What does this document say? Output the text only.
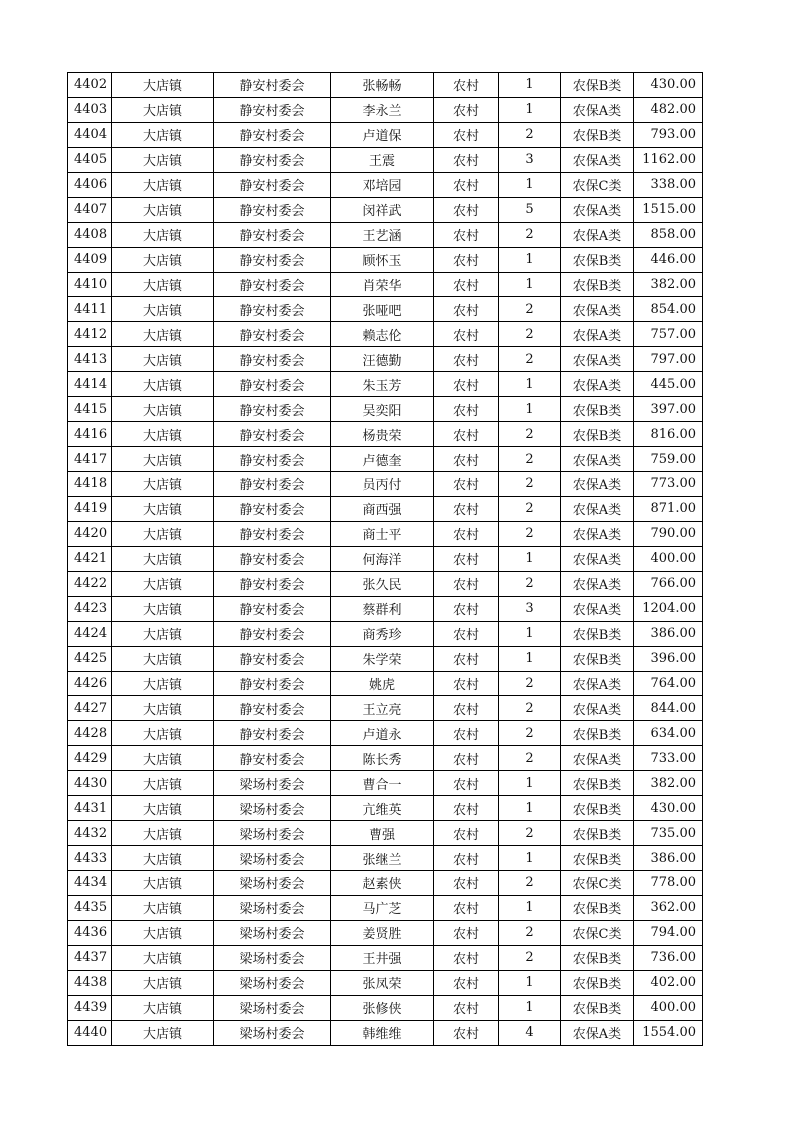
4402	大店镇	静安村委会	张畅畅	农村	1	农保B类	430.00
4403	大店镇	静安村委会	李永兰	农村	1	农保A类	482.00
4404	大店镇	静安村委会	卢道保	农村	2	农保B类	793.00
4405	大店镇	静安村委会	王震	农村	3	农保A类	1162.00
4406	大店镇	静安村委会	邓培园	农村	1	农保C类	338.00
4407	大店镇	静安村委会	闵祥武	农村	5	农保A类	1515.00
4408	大店镇	静安村委会	王艺涵	农村	2	农保A类	858.00
4409	大店镇	静安村委会	顾怀玉	农村	1	农保B类	446.00
4410	大店镇	静安村委会	肖荣华	农村	1	农保B类	382.00
4411	大店镇	静安村委会	张哑吧	农村	2	农保A类	854.00
4412	大店镇	静安村委会	赖志伦	农村	2	农保A类	757.00
4413	大店镇	静安村委会	汪德勤	农村	2	农保A类	797.00
4414	大店镇	静安村委会	朱玉芳	农村	1	农保A类	445.00
4415	大店镇	静安村委会	吴奕阳	农村	1	农保B类	397.00
4416	大店镇	静安村委会	杨贵荣	农村	2	农保B类	816.00
4417	大店镇	静安村委会	卢德奎	农村	2	农保A类	759.00
4418	大店镇	静安村委会	员丙付	农村	2	农保A类	773.00
4419	大店镇	静安村委会	商西强	农村	2	农保A类	871.00
4420	大店镇	静安村委会	商士平	农村	2	农保A类	790.00
4421	大店镇	静安村委会	何海洋	农村	1	农保A类	400.00
4422	大店镇	静安村委会	张久民	农村	2	农保A类	766.00
4423	大店镇	静安村委会	蔡群利	农村	3	农保A类	1204.00
4424	大店镇	静安村委会	商秀珍	农村	1	农保B类	386.00
4425	大店镇	静安村委会	朱学荣	农村	1	农保B类	396.00
4426	大店镇	静安村委会	姚虎	农村	2	农保A类	764.00
4427	大店镇	静安村委会	王立亮	农村	2	农保A类	844.00
4428	大店镇	静安村委会	卢道永	农村	2	农保B类	634.00
4429	大店镇	静安村委会	陈长秀	农村	2	农保A类	733.00
4430	大店镇	梁场村委会	曹合一	农村	1	农保B类	382.00
4431	大店镇	梁场村委会	亢维英	农村	1	农保B类	430.00
4432	大店镇	梁场村委会	曹强	农村	2	农保B类	735.00
4433	大店镇	梁场村委会	张继兰	农村	1	农保B类	386.00
4434	大店镇	梁场村委会	赵素侠	农村	2	农保C类	778.00
4435	大店镇	梁场村委会	马广芝	农村	1	农保B类	362.00
4436	大店镇	梁场村委会	姜贤胜	农村	2	农保C类	794.00
4437	大店镇	梁场村委会	王井强	农村	2	农保B类	736.00
4438	大店镇	梁场村委会	张凤荣	农村	1	农保B类	402.00
4439	大店镇	梁场村委会	张修侠	农村	1	农保B类	400.00
4440	大店镇	梁场村委会	韩维维	农村	4	农保A类	1554.00
